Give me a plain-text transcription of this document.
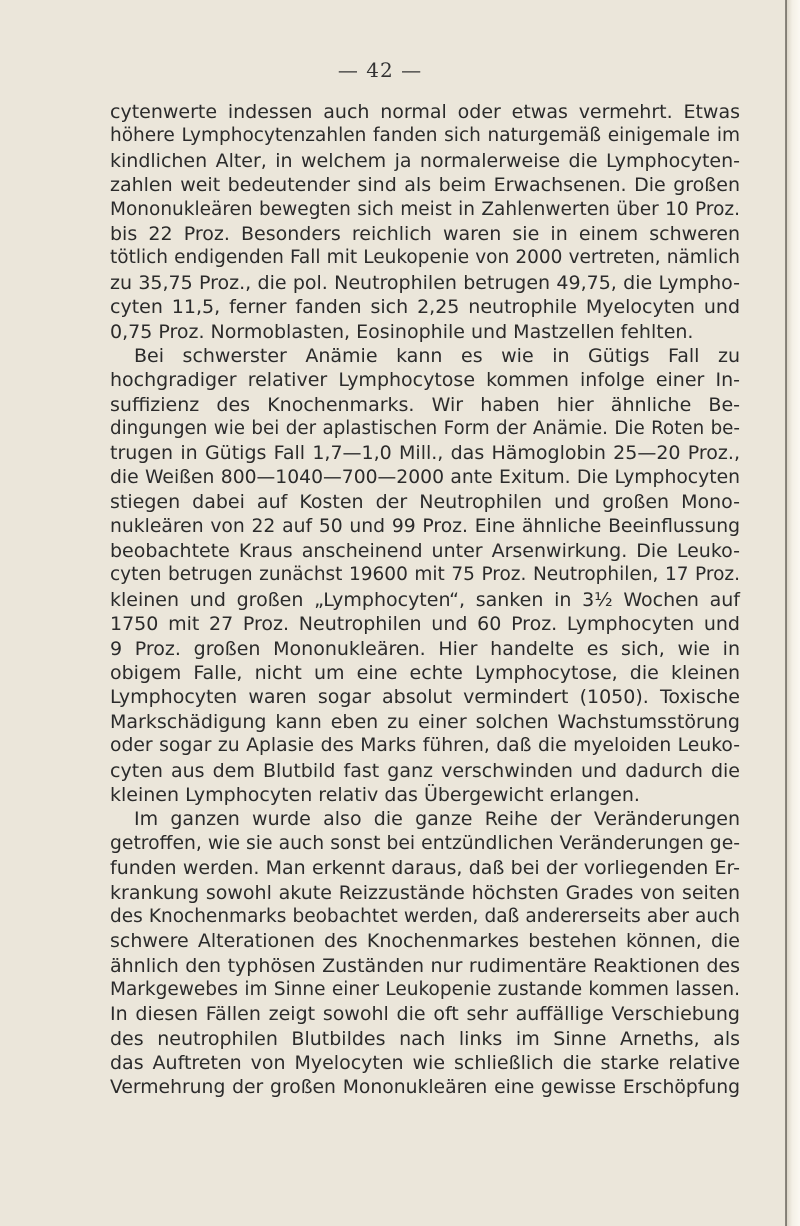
— 42 —
cytenwerte indessen auch normal oder etwas vermehrt. Etwas
höhere Lymphocytenzahlen fanden sich naturgemäß einigemale im
kindlichen Alter, in welchem ja normalerweise die Lymphocyten-
zahlen weit bedeutender sind als beim Erwachsenen. Die großen
Mononukleären bewegten sich meist in Zahlenwerten über 10 Proz.
bis 22 Proz. Besonders reichlich waren sie in einem schweren
tötlich endigenden Fall mit Leukopenie von 2000 vertreten, nämlich
zu 35,75 Proz., die pol. Neutrophilen betrugen 49,75, die Lympho-
cyten 11,5, ferner fanden sich 2,25 neutrophile Myelocyten und
0,75 Proz. Normoblasten, Eosinophile und Mastzellen fehlten.
Bei schwerster Anämie kann es wie in Gütigs Fall zu
hochgradiger relativer Lymphocytose kommen infolge einer In-
suffizienz des Knochenmarks. Wir haben hier ähnliche Be-
dingungen wie bei der aplastischen Form der Anämie. Die Roten be-
trugen in Gütigs Fall 1,7—1,0 Mill., das Hämoglobin 25—20 Proz.,
die Weißen 800—1040—700—2000 ante Exitum. Die Lymphocyten
stiegen dabei auf Kosten der Neutrophilen und großen Mono-
nukleären von 22 auf 50 und 99 Proz. Eine ähnliche Beeinflussung
beobachtete Kraus anscheinend unter Arsenwirkung. Die Leuko-
cyten betrugen zunächst 19600 mit 75 Proz. Neutrophilen, 17 Proz.
kleinen und großen „Lymphocyten“, sanken in 3½ Wochen auf
1750 mit 27 Proz. Neutrophilen und 60 Proz. Lymphocyten und
9 Proz. großen Mononukleären. Hier handelte es sich, wie in
obigem Falle, nicht um eine echte Lymphocytose, die kleinen
Lymphocyten waren sogar absolut vermindert (1050). Toxische
Markschädigung kann eben zu einer solchen Wachstumsstörung
oder sogar zu Aplasie des Marks führen, daß die myeloiden Leuko-
cyten aus dem Blutbild fast ganz verschwinden und dadurch die
kleinen Lymphocyten relativ das Übergewicht erlangen.
Im ganzen wurde also die ganze Reihe der Veränderungen
getroffen, wie sie auch sonst bei entzündlichen Veränderungen ge-
funden werden. Man erkennt daraus, daß bei der vorliegenden Er-
krankung sowohl akute Reizzustände höchsten Grades von seiten
des Knochenmarks beobachtet werden, daß andererseits aber auch
schwere Alterationen des Knochenmarkes bestehen können, die
ähnlich den typhösen Zuständen nur rudimentäre Reaktionen des
Markgewebes im Sinne einer Leukopenie zustande kommen lassen.
In diesen Fällen zeigt sowohl die oft sehr auffällige Verschiebung
des neutrophilen Blutbildes nach links im Sinne Arneths, als
das Auftreten von Myelocyten wie schließlich die starke relative
Vermehrung der großen Mononukleären eine gewisse Erschöpfung
